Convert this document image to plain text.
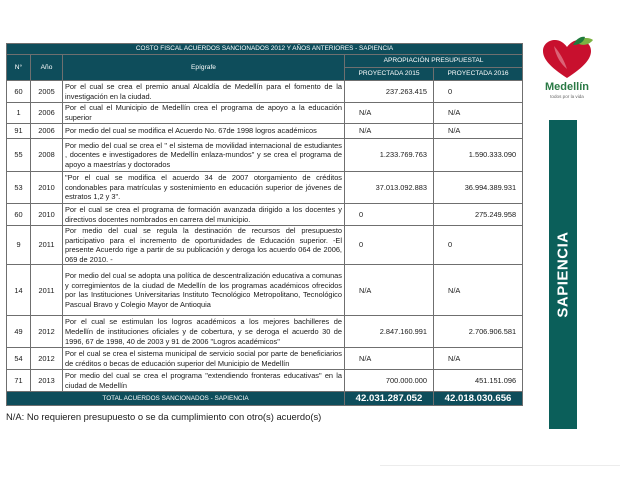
COSTO FISCAL ACUERDOS SANCIONADOS 2012 Y AÑOS ANTERIORES - SAPIENCIA				
N°	Año	Epígrafe	APROPIACIÓN PRESUPUESTAL	
			PROYECTADA 2015	PROYECTADA 2016
60	2005	Por el cual se crea el premio anual Alcaldía de Medellín para el fomento de la investigación en la ciudad.	237.263.415	0
1	2006	Por el cual el Municipio de Medellín crea el programa de apoyo a la educación superior	N/A	N/A
91	2006	Por medio del cual se modifica el Acuerdo No. 67de 1998 logros académicos	N/A	N/A
55	2008	Por medio del cual se crea el " el sistema de movilidad internacional de estudiantes , docentes e investigadores de Medellín enlaza-mundos" y se crea el programa de apoyo a maestrías y doctorados	1.233.769.763	1.590.333.090
53	2010	"Por el cual se modifica el acuerdo 34 de 2007 otorgamiento de créditos condonables para matrículas y sostenimiento en educación superior de jóvenes de estratos 1,2 y 3".	37.013.092.883	36.994.389.931
60	2010	Por el cual se crea el programa de formación avanzada dirigido a los docentes y directivos docentes nombrados en carrera del municipio.	0	275.249.958
9	2011	Por medio del cual se regula la destinación de recursos del presupuesto participativo para el incremento de oportunidades de Educación superior. -El presente Acuerdo rige a partir de su publicación y deroga los acuerdo 064 de 2006, 069 de 2010. -	0	0
14	2011	Por medio del cual se adopta una política de descentralización educativa a comunas y corregimientos de la ciudad de Medellín de los programas académicos ofrecidos por las Instituciones Universitarias Instituto Tecnológico Metropolitano, Tecnológico Pascual Bravo y Colegio Mayor de Antioquia	N/A	N/A
49	2012	Por el cual se estimulan los logros académicos a los mejores bachilleres de Medellín de instituciones oficiales y de cobertura, y se deroga el acuerdo 30 de 1996, 67 de 1998, 40 de 2003 y 91 de 2006 "Logros académicos"	2.847.160.991	2.706.906.581
54	2012	Por el cual se crea el sistema municipal de servicio social por parte de beneficiarios de créditos o becas de educación superior del Municipio de Medellín	N/A	N/A
71	2013	Por medio del cual se crea el programa "extendiendo fronteras educativas" en la ciudad de Medellín	700.000.000	451.151.096
TOTAL ACUERDOS SANCIONADOS - SAPIENCIA			42.031.287.052	42.018.030.656
N/A: No requieren presupuesto o se da cumplimiento con otro(s) acuerdo(s)
Medellín
todos por la vida
SAPIENCIA
